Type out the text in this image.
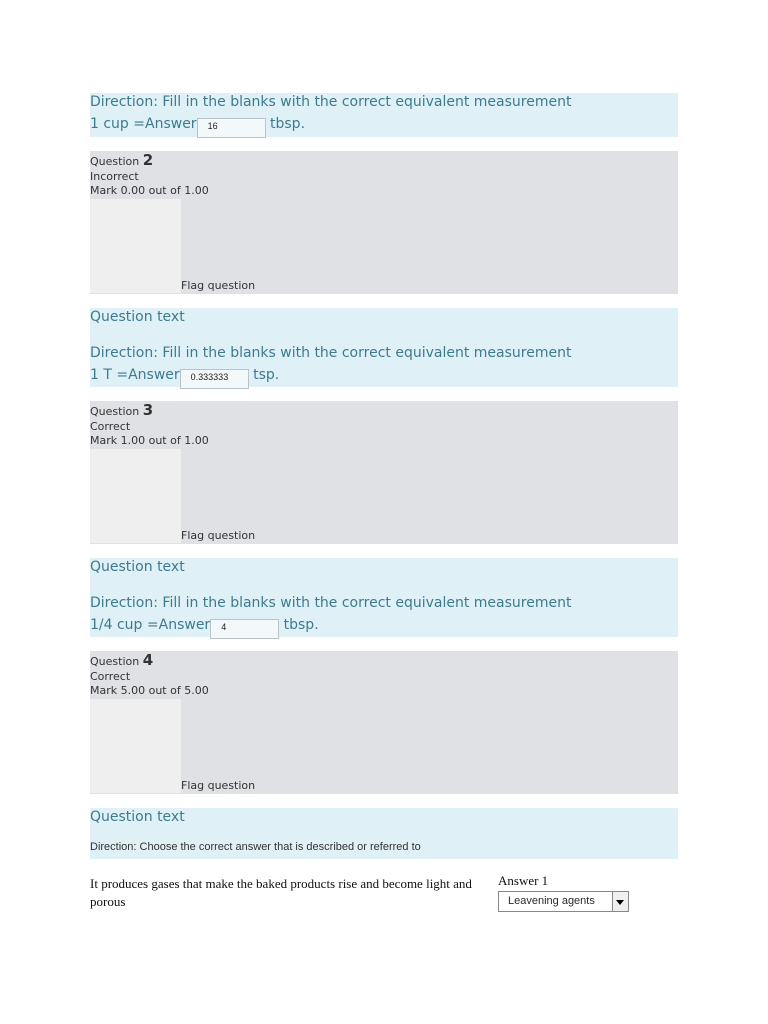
Direction: Fill in the blanks with the correct equivalent measurement
1 cup =Answer 16	tbsp.
Question 2
Incorrect
Mark 0.00 out of 1.00
Flag question
Question text
Direction: Fill in the blanks with the correct equivalent measurement
1 T =Answer 0.333333 tsp.
Question 3
Correct
Mark 1.00 out of 1.00
Flag question
Question text
Direction: Fill in the blanks with the correct equivalent measurement
1/4 cup =Answer 4	tbsp.
Question 4
Correct
Mark 5.00 out of 5.00
Flag question
Question text
Direction: Choose the correct answer that is described or referred to
It produces gases that make the baked products rise and become light and porous
Answer 1
Leavening agents
